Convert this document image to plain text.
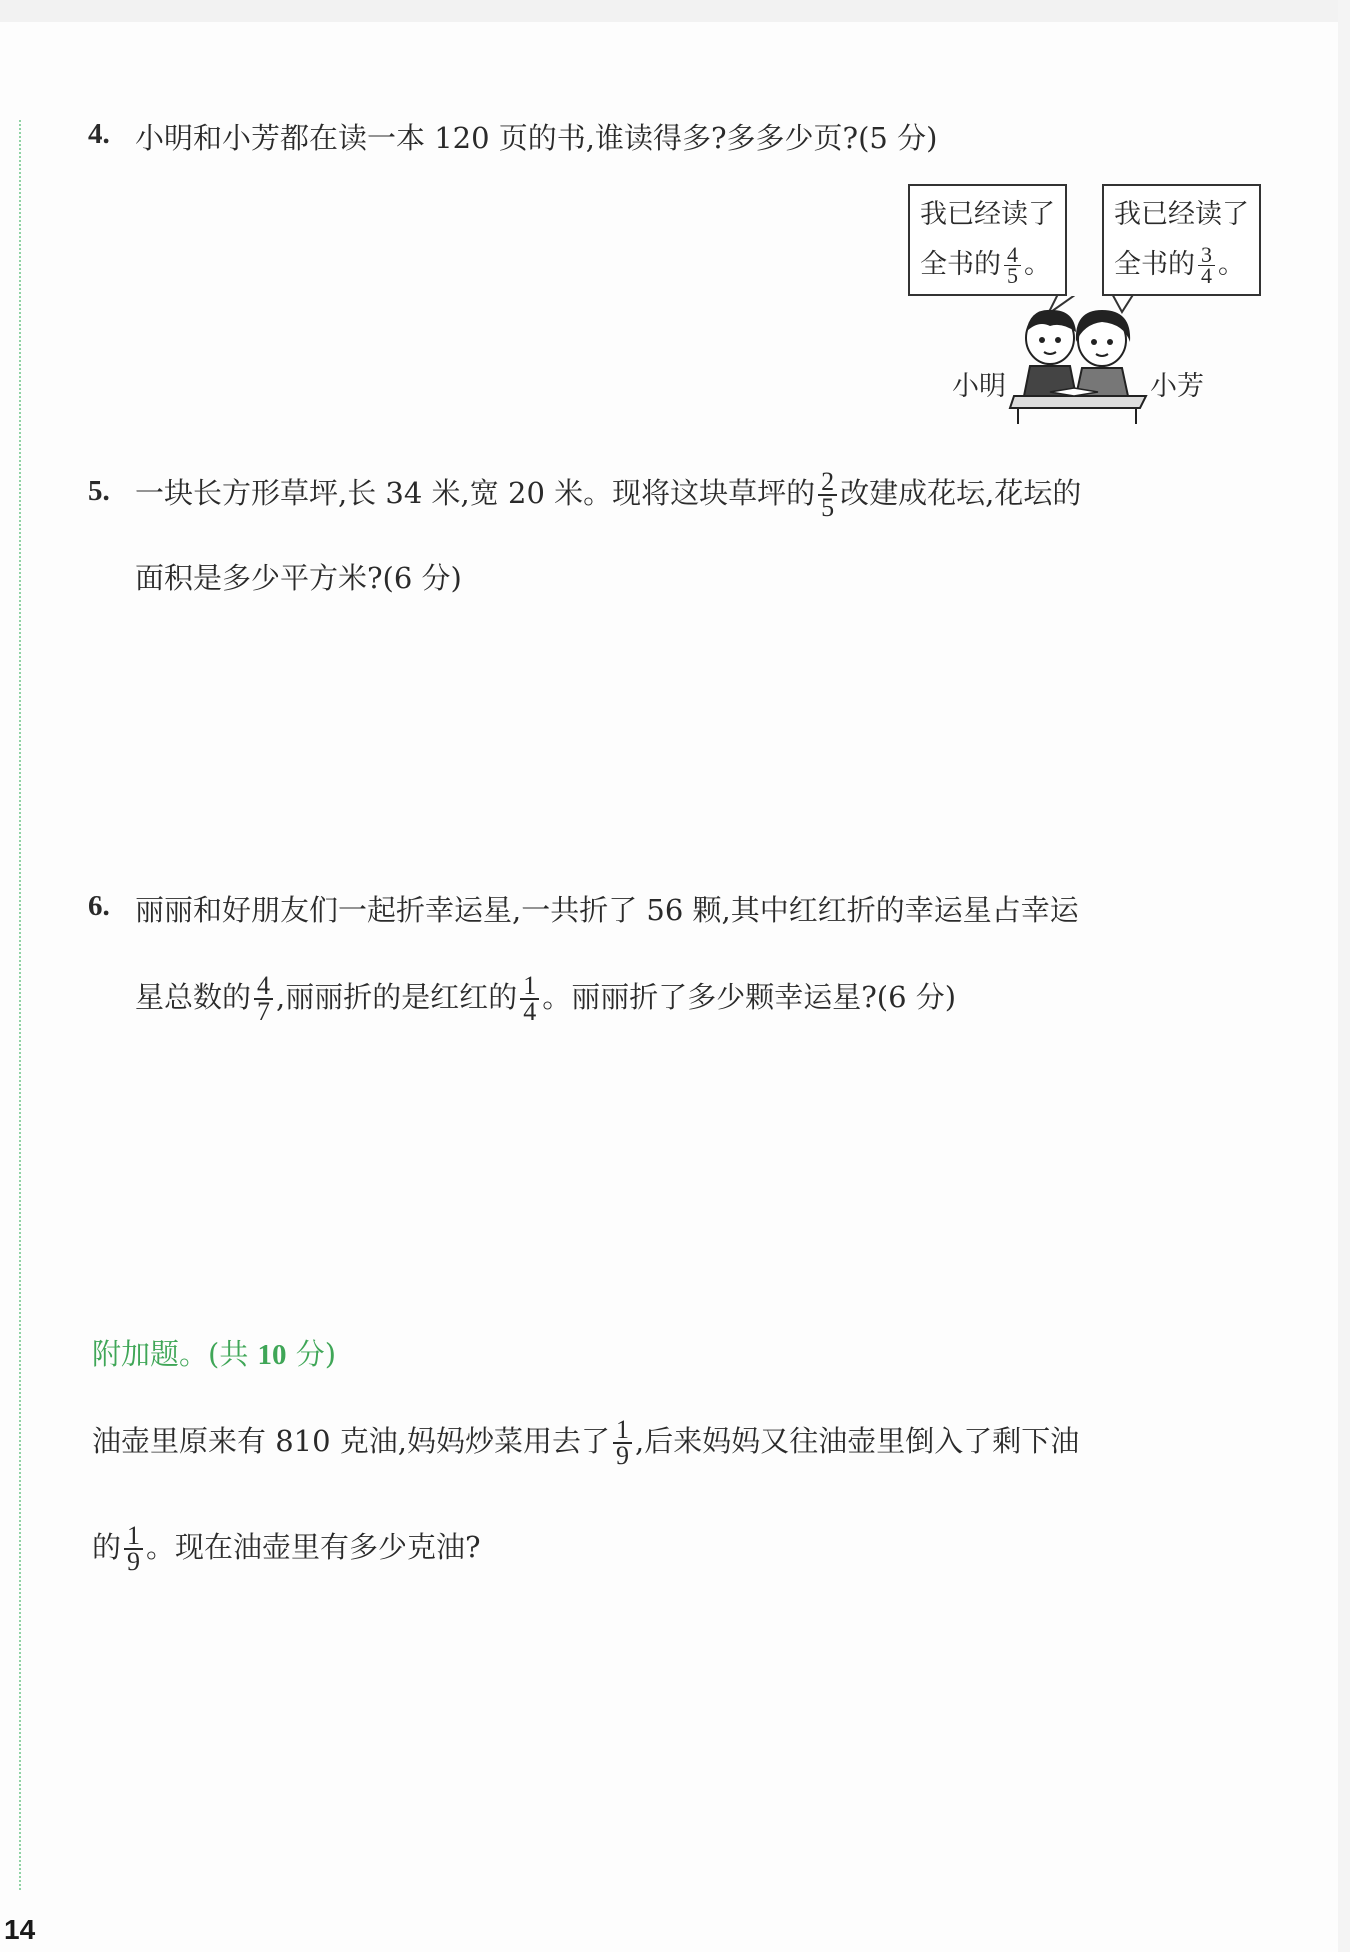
4. 小明和小芳都在读一本 120 页的书,谁读得多?多多少页?(5 分)
我已经读了
全书的 $\frac{4}{5}$ 。
我已经读了
全书的 $\frac{3}{4}$ 。
小明	小芳
5. 一块长方形草坪,长 34 米,宽 20 米。现将这块草坪的 $\frac{2}{5}$ 改建成花坛,花坛的
面积是多少平方米?(6 分)
6. 丽丽和好朋友们一起折幸运星,一共折了 56 颗,其中红红折的幸运星占幸运
星总数的 $\frac{4}{7}$ ,丽丽折的是红红的 $\frac{1}{4}$ 。丽丽折了多少颗幸运星?(6 分)
附加题。(共 10 分)
油壶里原来有 810 克油,妈妈炒菜用去了 $\frac{1}{9}$ ,后来妈妈又往油壶里倒入了剩下油
的 $\frac{1}{9}$ 。现在油壶里有多少克油?
14
